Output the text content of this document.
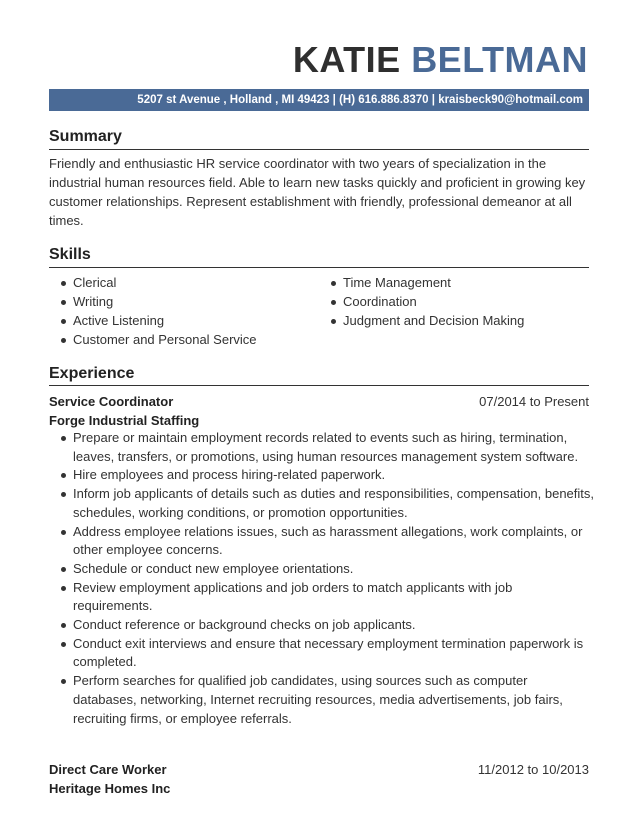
KATIE BELTMAN
5207 st Avenue , Holland , MI 49423 | (H) 616.886.8370 | kraisbeck90@hotmail.com
Summary
Friendly and enthusiastic HR service coordinator with two years of specialization in the industrial human resources field. Able to learn new tasks quickly and proficient in growing key customer relationships. Represent establishment with friendly, professional demeanor at all times.
Skills
Clerical
Writing
Active Listening
Customer and Personal Service
Time Management
Coordination
Judgment and Decision Making
Experience
Service Coordinator	07/2014 to Present
Forge Industrial Staffing
Prepare or maintain employment records related to events such as hiring, termination, leaves, transfers, or promotions, using human resources management system software.
Hire employees and process hiring-related paperwork.
Inform job applicants of details such as duties and responsibilities, compensation, benefits, schedules, working conditions, or promotion opportunities.
Address employee relations issues, such as harassment allegations, work complaints, or other employee concerns.
Schedule or conduct new employee orientations.
Review employment applications and job orders to match applicants with job requirements.
Conduct reference or background checks on job applicants.
Conduct exit interviews and ensure that necessary employment termination paperwork is completed.
Perform searches for qualified job candidates, using sources such as computer databases, networking, Internet recruiting resources, media advertisements, job fairs, recruiting firms, or employee referrals.
Direct Care Worker	11/2012 to 10/2013
Heritage Homes Inc
